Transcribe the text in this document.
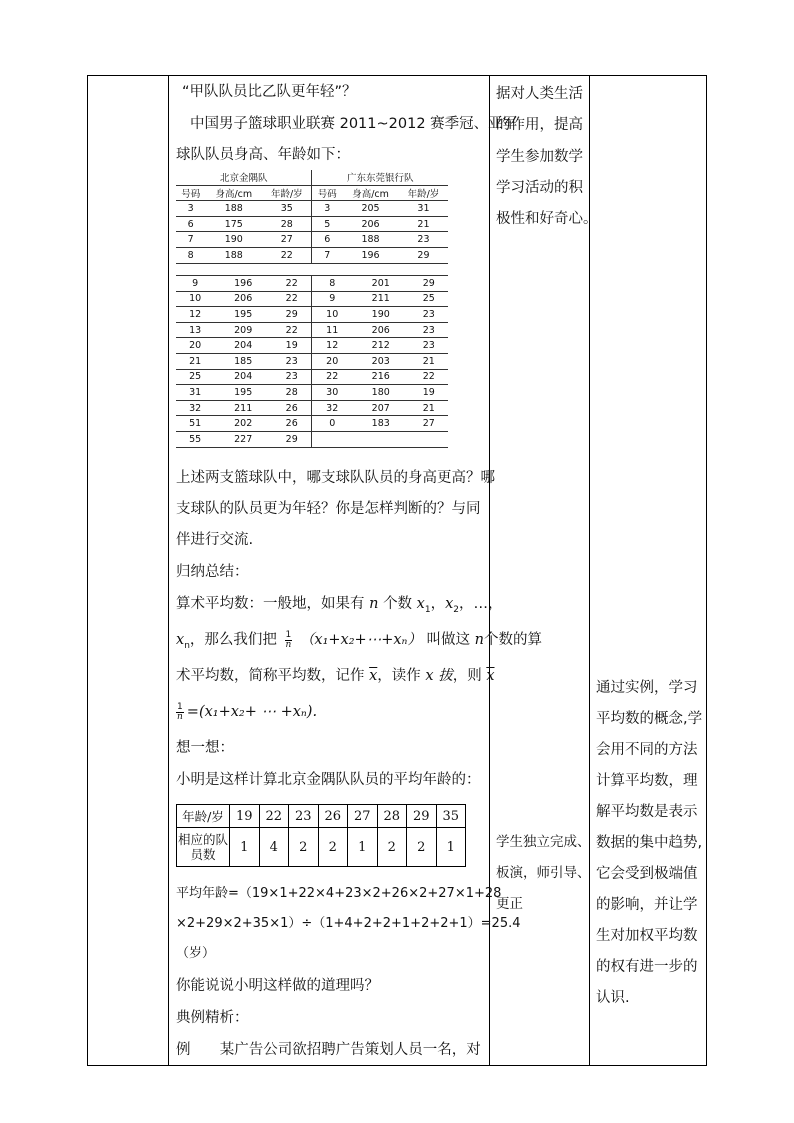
“甲队队员比乙队更年轻”？
中国男子篮球职业联赛 2011~2012 赛季冠、亚军
球队队员身高、年龄如下：
北京金隅队			广东东莞银行队		
号码	身高/cm	年龄/岁	号码	身高/cm	年龄/岁
3	188	35	3	205	31
6	175	28	5	206	21
7	190	27	6	188	23
8	188	22	7	196	29
9	196	22	8	201	29
10	206	22	9	211	25
12	195	29	10	190	23
13	209	22	11	206	23
20	204	19	12	212	23
21	185	23	20	203	21
25	204	23	22	216	22
31	195	28	30	180	19
32	211	26	32	207	21
51	202	26	0	183	27
55	227	29			
上述两支篮球队中，哪支球队队员的身高更高？哪
支球队的队员更为年轻？你是怎样判断的？与同
伴进行交流.
归纳总结：
算术平均数：一般地，如果有 n 个数 $x_1$，$x_2$，…，
$x_n$，那么我们把 $\frac{1}{n}$ （x₁+x₂+⋯+xₙ） 叫做这 n个数的算
术平均数，简称平均数，记作 $\overline{x}$，读作 x 拔，则 $\overline{x}$
$\frac{1}{n} =(x_1+x_2+$ ⋯ +xₙ).
想一想：
小明是这样计算北京金隅队队员的平均年龄的：
年龄/岁	19	22	23	26	27	28	29	35
相应的队员数	1	4	2	2	1	2	2	1
平均年龄=（19×1+22×4+23×2+26×2+27×1+28
×2+29×2+35×1）÷（1+4+2+2+1+2+2+1）=25.4
（岁）
你能说说小明这样做的道理吗？
典例精析：
例 某广告公司欲招聘广告策划人员一名，对
据对人类生活
的作用，提高
学生参加数学
学习活动的积
极性和好奇心。
学生独立完成、
板演，师引导、
更正
通过实例，学习
平均数的概念,学
会用不同的方法
计算平均数，理
解平均数是表示
数据的集中趋势,
它会受到极端值
的影响，并让学
生对加权平均数
的权有进一步的
认识.
